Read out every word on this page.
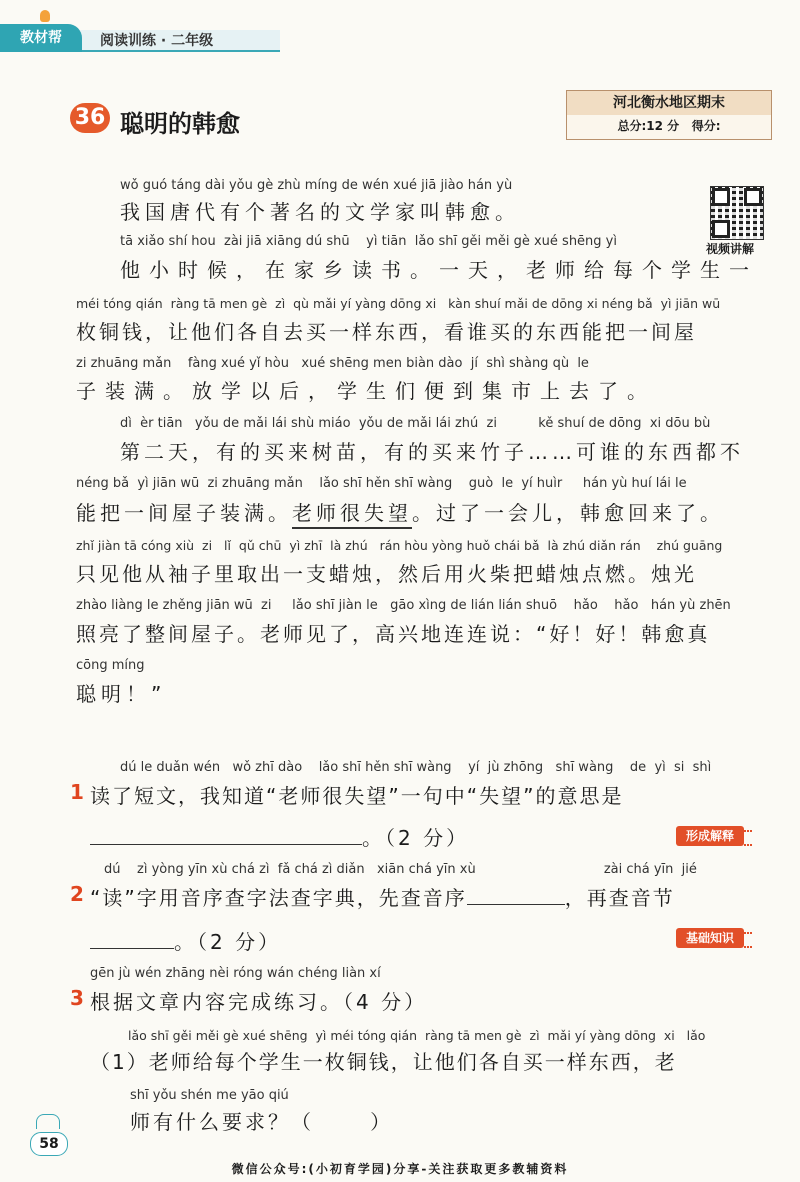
教材帮	阅读训练 · 二年级
36 聪明的韩愈
河北衡水地区期末
总分:12 分 得分:
视频讲解
wǒ guó táng dài yǒu gè zhù míng de wén xué jiā jiào hán yù
我国唐代有个著名的文学家叫韩愈。
tā xiǎo shí hou  zài jiā xiāng dú shū    yì tiān  lǎo shī gěi měi gè xué shēng yì
他小时候，在家乡读书。一天，老师给每个学生一
méi tóng qián  ràng tā men gè  zì  qù mǎi yí yàng dōng xi   kàn shuí mǎi de dōng xi néng bǎ  yì jiān wū
枚铜钱，让他们各自去买一样东西，看谁买的东西能把一间屋
zi zhuāng mǎn    fàng xué yǐ hòu   xué shēng men biàn dào  jí  shì shàng qù  le
子装满。放学以后，学生们便到集市上去了。
dì  èr tiān   yǒu de mǎi lái shù miáo  yǒu de mǎi lái zhú  zi          kě shuí de dōng  xi dōu bù
第二天，有的买来树苗，有的买来竹子……可谁的东西都不
néng bǎ  yì jiān wū  zi zhuāng mǎn    lǎo shī hěn shī wàng    guò  le  yí huìr     hán yù huí lái le
能把一间屋子装满。老师很失望。过了一会儿，韩愈回来了。
zhǐ jiàn tā cóng xiù  zi   lǐ  qǔ chū  yì zhī  là zhú   rán hòu yòng huǒ chái bǎ  là zhú diǎn rán    zhú guāng
只见他从袖子里取出一支蜡烛，然后用火柴把蜡烛点燃。烛光
zhào liàng le zhěng jiān wū  zi     lǎo shī jiàn le   gāo xìng de lián lián shuō    hǎo    hǎo   hán yù zhēn
照亮了整间屋子。老师见了，高兴地连连说：“好！好！韩愈真
cōng míng
聪明！”
dú le duǎn wén   wǒ zhī dào    lǎo shī hěn shī wàng    yí  jù zhōng   shī wàng    de  yì  si  shì
1 读了短文，我知道“老师很失望”一句中“失望”的意思是
。（2 分）	形成解释
dú    zì yòng yīn xù chá zì  fǎ chá zì diǎn   xiān chá yīn xù                               zài chá yīn  jié
2 “读”字用音序查字法查字典，先查音序	，再查音节
。（2 分）	基础知识
gēn jù wén zhāng nèi róng wán chéng liàn xí
3 根据文章内容完成练习。（4 分）
lǎo shī gěi měi gè xué shēng  yì méi tóng qián  ràng tā men gè  zì  mǎi yí yàng dōng  xi   lǎo
（1）老师给每个学生一枚铜钱，让他们各自买一样东西，老
shī yǒu shén me yāo qiú
师有什么要求？（      ）
58
微信公众号:(小初育学园)分享-关注获取更多教辅资料
